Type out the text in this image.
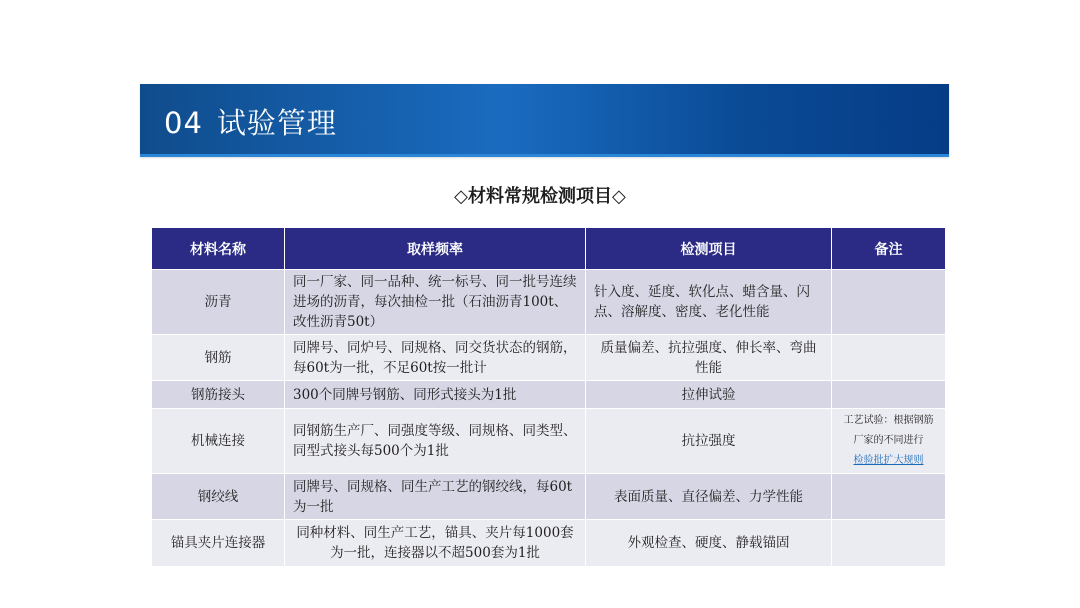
04 试验管理
◇材料常规检测项目◇
材料名称	取样频率	检测项目	备注
沥青	同一厂家、同一品种、统一标号、同一批号连续进场的沥青，每次抽检一批（石油沥青100t、改性沥青50t）	针入度、延度、软化点、蜡含量、闪点、溶解度、密度、老化性能	
钢筋	同牌号、同炉号、同规格、同交货状态的钢筋，每60t为一批，不足60t按一批计	质量偏差、抗拉强度、伸长率、弯曲性能	
钢筋接头	300个同牌号钢筋、同形式接头为1批	拉伸试验	
机械连接	同钢筋生产厂、同强度等级、同规格、同类型、同型式接头每500个为1批	抗拉强度	工艺试验：根据钢筋厂家的不同进行
检验批扩大规则
钢绞线	同牌号、同规格、同生产工艺的钢绞线，每60t为一批	表面质量、直径偏差、力学性能	
锚具夹片连接器	同种材料、同生产工艺，锚具、夹片每1000套为一批，连接器以不超500套为1批	外观检查、硬度、静载锚固	
